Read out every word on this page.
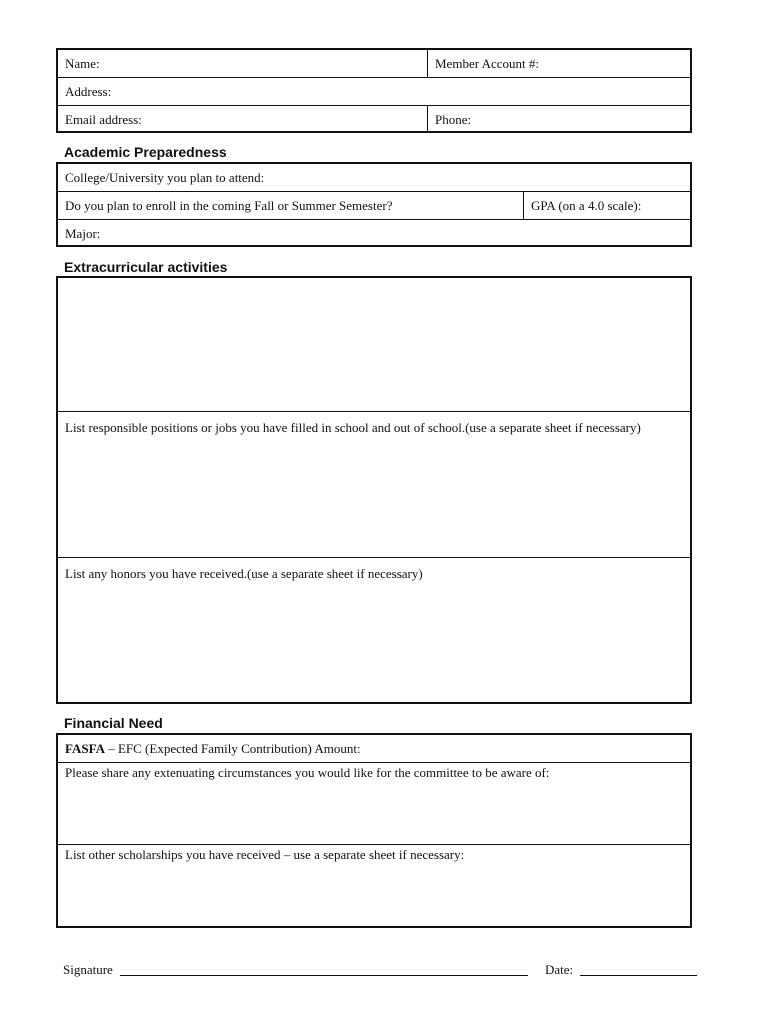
Name:	Member Account #:
Address:
Email address:	Phone:
Academic Preparedness
College/University you plan to attend:
Do you plan to enroll in the coming Fall or Summer Semester?	GPA (on a 4.0 scale):
Major:
Extracurricular activities
List responsible positions or jobs you have filled in school and out of school.(use a separate sheet if necessary)
List any honors you have received.(use a separate sheet if necessary)
Financial Need
FASFA – EFC (Expected Family Contribution) Amount:
Please share any extenuating circumstances you would like for the committee to be aware of:
List other scholarships you have received – use a separate sheet if necessary:
Signature	Date:
